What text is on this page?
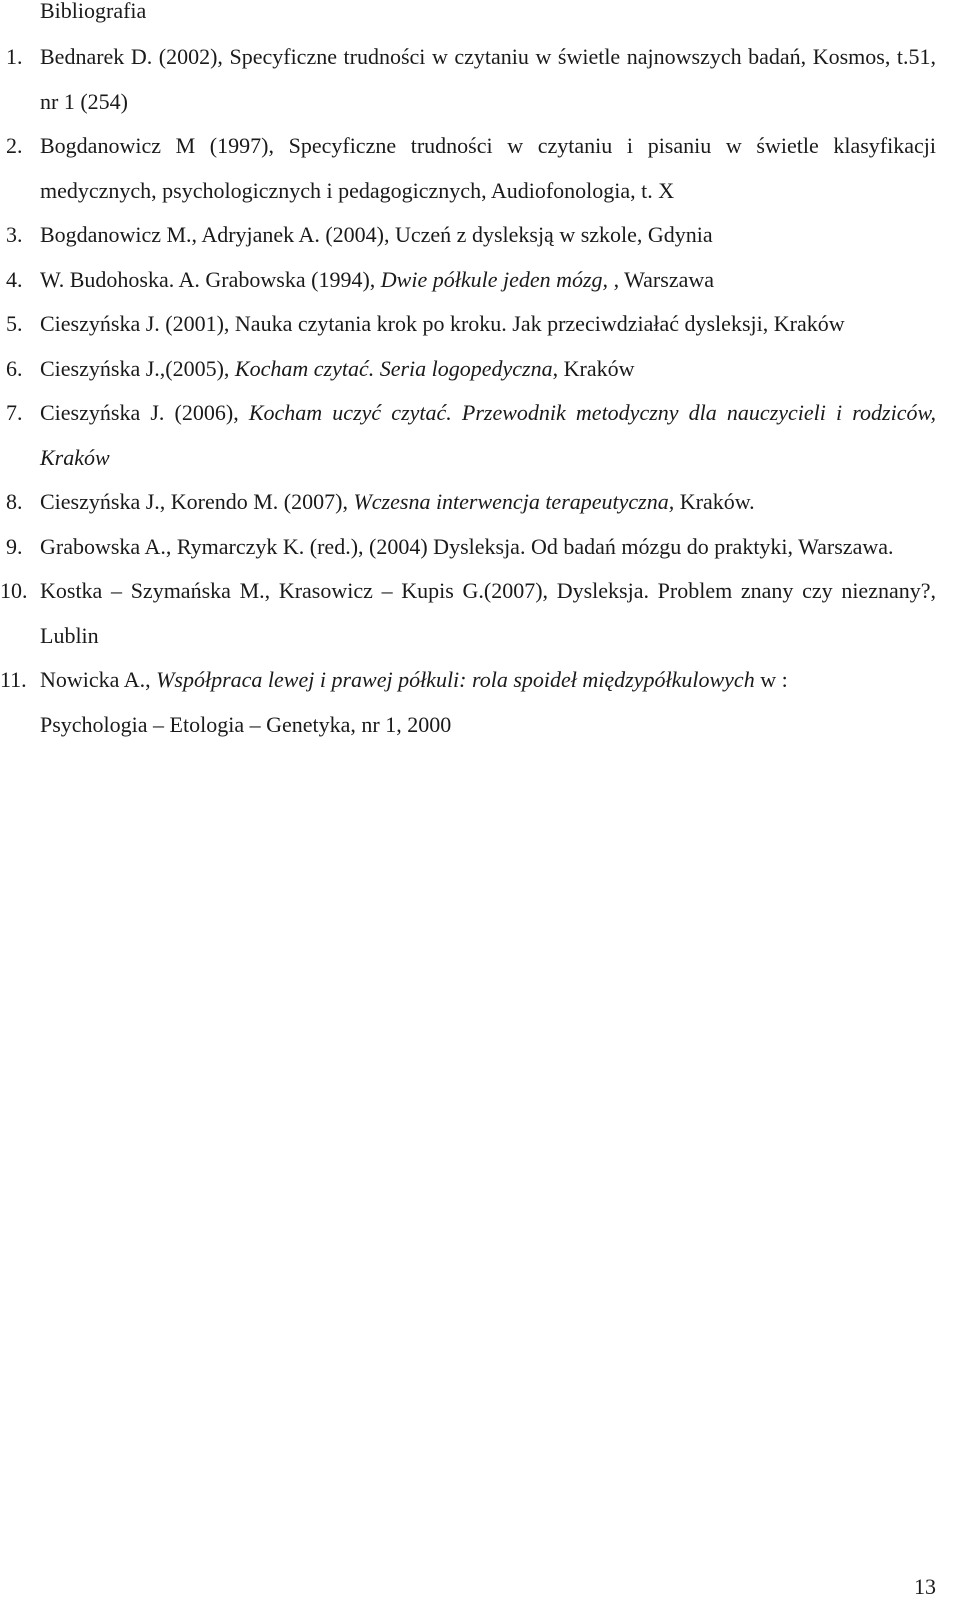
Bibliografia
1. Bednarek D. (2002), Specyficzne trudności w czytaniu w świetle najnowszych badań, Kosmos, t.51, nr 1 (254)
2. Bogdanowicz M (1997), Specyficzne trudności w czytaniu i pisaniu w świetle klasyfikacji medycznych, psychologicznych i pedagogicznych, Audiofonologia, t. X
3. Bogdanowicz M., Adryjanek A. (2004), Uczeń z dysleksją w szkole, Gdynia
4. W. Budohoska. A. Grabowska (1994), Dwie półkule jeden mózg, , Warszawa
5. Cieszyńska J. (2001), Nauka czytania krok po kroku. Jak przeciwdziałać dysleksji, Kraków
6. Cieszyńska J.,(2005), Kocham czytać. Seria logopedyczna, Kraków
7. Cieszyńska J. (2006), Kocham uczyć czytać. Przewodnik metodyczny dla nauczycieli i rodziców, Kraków
8. Cieszyńska J., Korendo M. (2007), Wczesna interwencja terapeutyczna, Kraków.
9. Grabowska A., Rymarczyk K. (red.), (2004) Dysleksja. Od badań mózgu do praktyki, Warszawa.
10. Kostka – Szymańska M., Krasowicz – Kupis G.(2007), Dysleksja. Problem znany czy nieznany?, Lublin
11. Nowicka A., Współpraca lewej i prawej półkuli: rola spoideł międzypółkulowych w :
Psychologia – Etologia – Genetyka, nr 1, 2000
13
